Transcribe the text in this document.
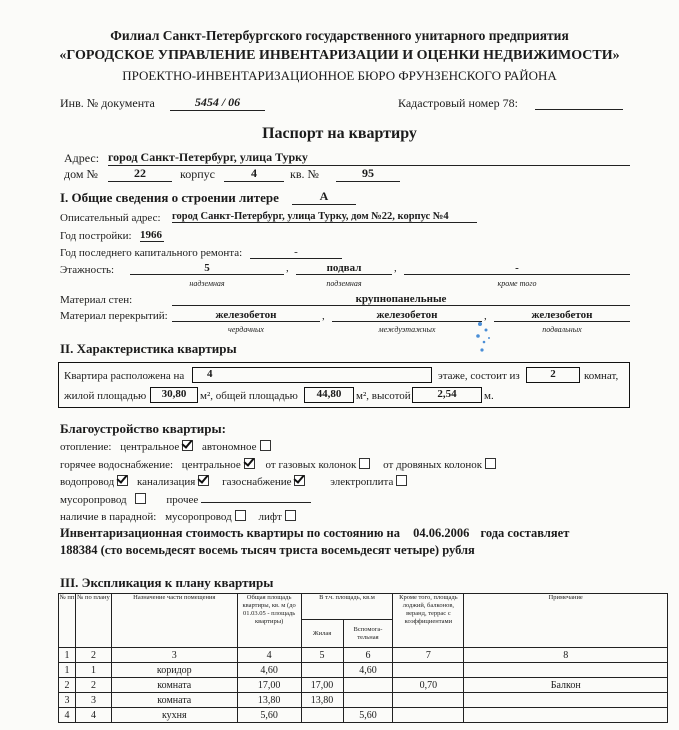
Филиал Санкт-Петербургского государственного унитарного предприятия
«ГОРОДСКОЕ УПРАВЛЕНИЕ ИНВЕНТАРИЗАЦИИ И ОЦЕНКИ НЕДВИЖИМОСТИ»
ПРОЕКТНО-ИНВЕНТАРИЗАЦИОННОЕ БЮРО ФРУНЗЕНСКОГО РАЙОНА
Инв. № документа	5454 / 06	Кадастровый номер 78:
Паспорт на квартиру
Адрес: город Санкт-Петербург, улица Турку
дом №	22	корпус	4	кв. №	95
I. Общие сведения о строении литере	А
Описательный адрес: город Санкт-Петербург, улица Турку, дом №22, корпус №4
Год постройки: 1966
Год последнего капитального ремонта:	-
Этажность:	5	,	подвал	,	-
надземная	подземная	кроме того
Материал стен:	крупнопанельные
Материал перекрытий:	железобетон	,	железобетон	,	железобетон
чердачных	междуэтажных	подвальных
II. Характеристика квартиры
Квартира расположена на	4	этаже, состоит из	2	комнат,
жилой площадью	30,80	м², общей площадью	44,80	м², высотой	2,54	м.
Благоустройство квартиры:
отопление: центральное автономное
горячее водоснабжение: центральное от газовых колонок от дровяных колонок
водопровод канализация газоснабжение	электроплита
мусоропровод	прочее
наличие в парадной: мусоропровод лифт
Инвентаризационная стоимость квартиры по состоянию на 04.06.2006 года составляет
188384 (сто восемьдесят восемь тысяч триста восемьдесят четыре) рубля
III. Экспликация к плану квартиры
№ пп	№ по плану	Назначение части помещения	Общая площадь квартиры, кв. м (до 01.03.05 - площадь квартиры)	В т.ч. площадь, кв.м		Кроме того, площадь лоджий, балконов, веранд, террас с коэффициентами	Примечание
				Жилая	Вспомога-тельная		
1	2	3	4	5	6	7	8
1	1	коридор	4,60		4,60		
2	2	комната	17,00	17,00		0,70	Балкон
3	3	комната	13,80	13,80			
4	4	кухня	5,60		5,60		
